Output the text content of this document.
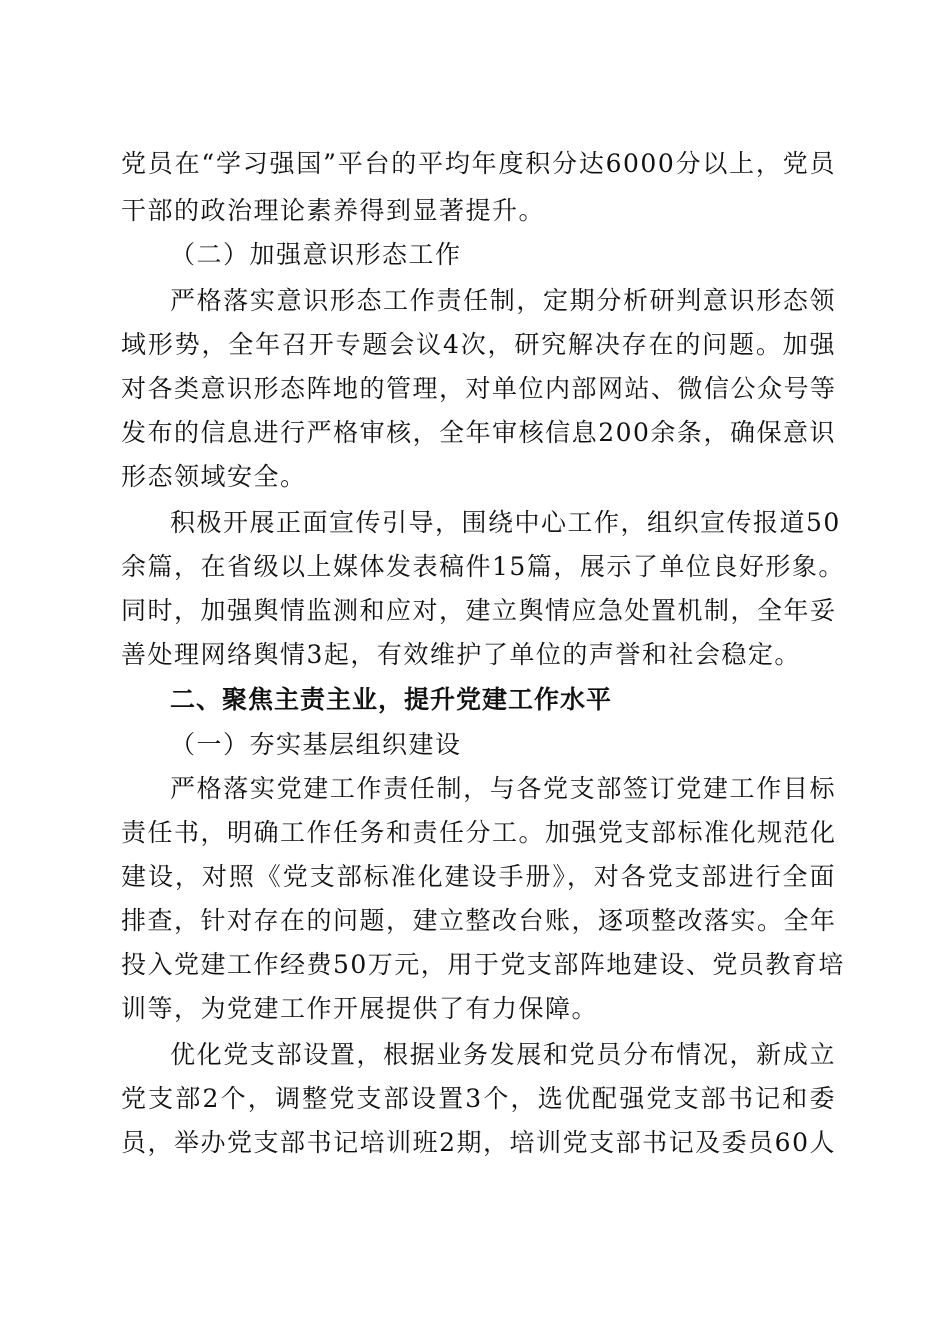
党员在“学习强国”平台的平均年度积分达6000分以上，党员
干部的政治理论素养得到显著提升。
（二）加强意识形态工作
严格落实意识形态工作责任制，定期分析研判意识形态领
域形势，全年召开专题会议4次，研究解决存在的问题。加强
对各类意识形态阵地的管理，对单位内部网站、微信公众号等
发布的信息进行严格审核，全年审核信息200余条，确保意识
形态领域安全。
积极开展正面宣传引导，围绕中心工作，组织宣传报道50
余篇，在省级以上媒体发表稿件15篇，展示了单位良好形象。
同时，加强舆情监测和应对，建立舆情应急处置机制，全年妥
善处理网络舆情3起，有效维护了单位的声誉和社会稳定。
二、聚焦主责主业，提升党建工作水平
（一）夯实基层组织建设
严格落实党建工作责任制，与各党支部签订党建工作目标
责任书，明确工作任务和责任分工。加强党支部标准化规范化
建设，对照《党支部标准化建设手册》，对各党支部进行全面
排查，针对存在的问题，建立整改台账，逐项整改落实。全年
投入党建工作经费50万元，用于党支部阵地建设、党员教育培
训等，为党建工作开展提供了有力保障。
优化党支部设置，根据业务发展和党员分布情况，新成立
党支部2个，调整党支部设置3个，选优配强党支部书记和委
员，举办党支部书记培训班2期，培训党支部书记及委员60人
